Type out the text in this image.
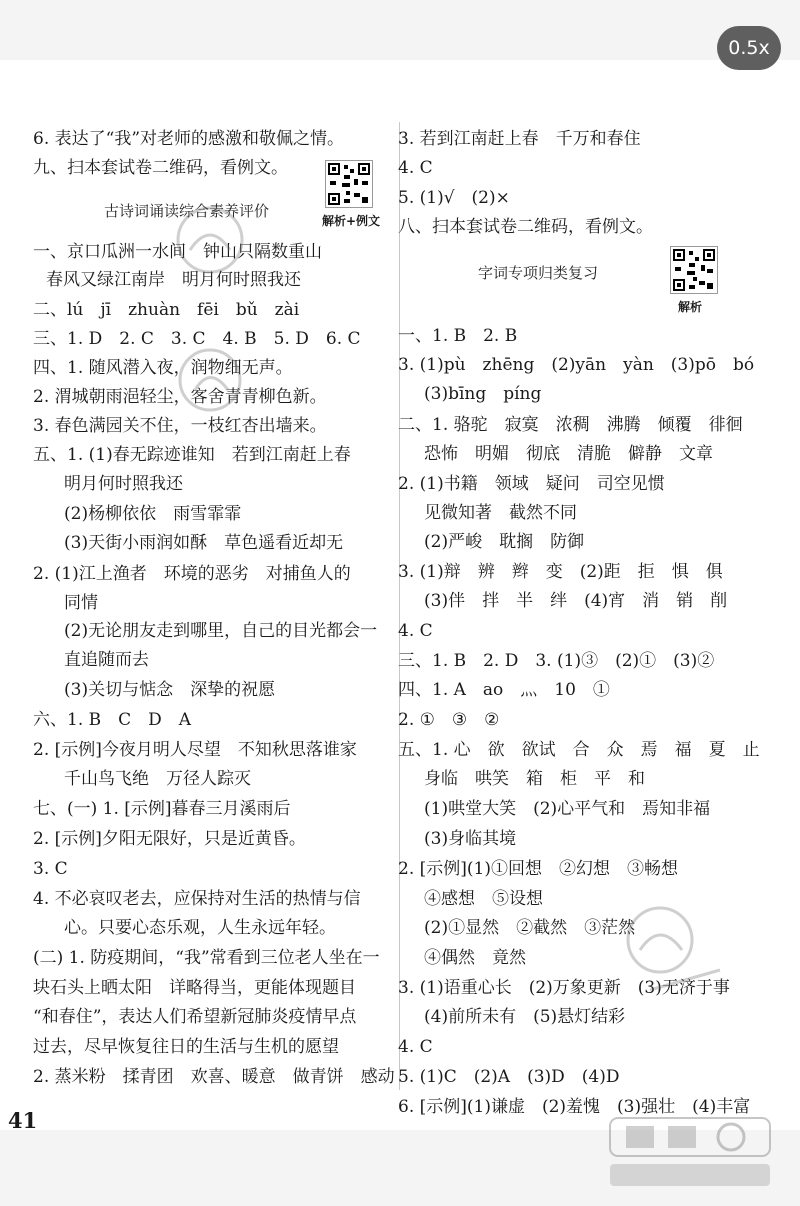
0.5x
6. 表达了“我”对老师的感激和敬佩之情。
九、扫本套试卷二维码，看例文。
解析+例文
古诗词诵读综合素养评价
一、京口瓜洲一水间　钟山只隔数重山
春风又绿江南岸　明月何时照我还
二、lú　jī　zhuàn　fēi　bǔ　zài
三、1. D　2. C　3. C　4. B　5. D　6. C
四、1. 随风潜入夜，润物细无声。
2. 渭城朝雨浥轻尘，客舍青青柳色新。
3. 春色满园关不住，一枝红杏出墙来。
五、1. (1)春无踪迹谁知　若到江南赶上春
明月何时照我还
(2)杨柳依依　雨雪霏霏
(3)天街小雨润如酥　草色遥看近却无
2. (1)江上渔者　环境的恶劣　对捕鱼人的
同情
(2)无论朋友走到哪里，自己的目光都会一
直追随而去
(3)关切与惦念　深挚的祝愿
六、1. B　C　D　A
2. [示例]今夜月明人尽望　不知秋思落谁家
千山鸟飞绝　万径人踪灭
七、(一) 1. [示例]暮春三月溪雨后
2. [示例]夕阳无限好，只是近黄昏。
3. C
4. 不必哀叹老去，应保持对生活的热情与信
心。只要心态乐观，人生永远年轻。
(二) 1. 防疫期间，“我”常看到三位老人坐在一
块石头上晒太阳　详略得当，更能体现题目
“和春住”，表达人们希望新冠肺炎疫情早点
过去，尽早恢复往日的生活与生机的愿望
2. 蒸米粉　揉青团　欢喜、暖意　做青饼　感动
3. 若到江南赶上春　千万和春住
4. C
5. (1)√　(2)×
八、扫本套试卷二维码，看例文。
字词专项归类复习
解析
一、1. B　2. B
3. (1)pù　zhēng　(2)yān　yàn　(3)pō　bó
(3)bīng　píng
二、1. 骆驼　寂寞　浓稠　沸腾　倾覆　徘徊
恐怖　明媚　彻底　清脆　僻静　文章
2. (1)书籍　领域　疑问　司空见惯
见微知著　截然不同
(2)严峻　耽搁　防御
3. (1)辩　辨　辫　变　(2)距　拒　惧　俱
(3)伴　拌　半　绊　(4)宵　消　销　削
4. C
三、1. B　2. D　3. (1)③　(2)①　(3)②
四、1. A　ao　灬　10　①
2. ①　③　②
五、1. 心　欲　欲试　合　众　焉　福　夏　止
身临　哄笑　箱　柜　平　和
(1)哄堂大笑　(2)心平气和　焉知非福
(3)身临其境
2. [示例](1)①回想　②幻想　③畅想
④感想　⑤设想
(2)①显然　②截然　③茫然
④偶然　竟然
3. (1)语重心长　(2)万象更新　(3)无济于事
(4)前所未有　(5)悬灯结彩
4. C
5. (1)C　(2)A　(3)D　(4)D
6. [示例](1)谦虚　(2)羞愧　(3)强壮　(4)丰富
41
